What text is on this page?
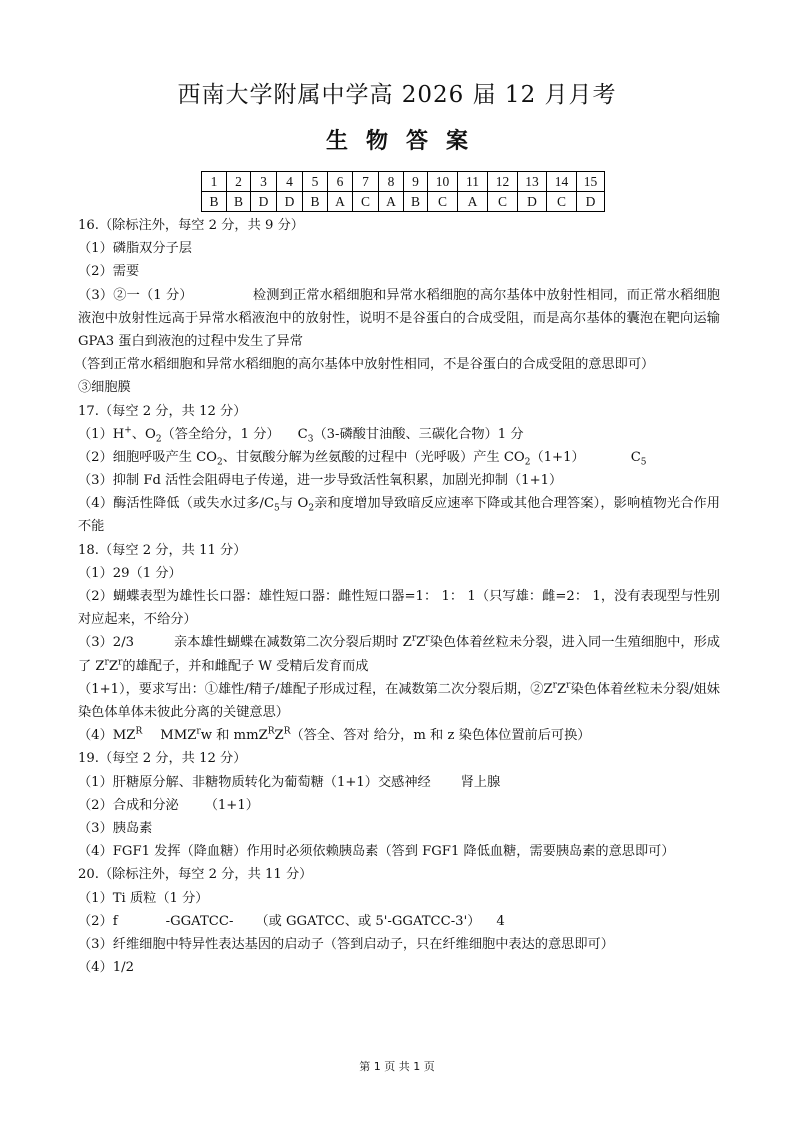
西南大学附属中学高 2026 届 12 月月考
生物答案
1	2	3	4	5	6	7	8	9	10	11	12	13	14	15
B	B	D	D	B	A	C	A	B	C	A	C	D	C	D
16.（除标注外，每空 2 分，共 9 分）
（1）磷脂双分子层
（2）需要
（3）②一（1 分）	检测到正常水稻细胞和异常水稻细胞的高尔基体中放射性相同，而正常水稻细胞液泡中放射性远高于异常水稻液泡中的放射性，说明不是谷蛋白的合成受阻，而是高尔基体的囊泡在靶向运输 GPA3 蛋白到液泡的过程中发生了异常
（答到正常水稻细胞和异常水稻细胞的高尔基体中放射性相同，不是谷蛋白的合成受阻的意思即可）
③细胞膜
17.（每空 2 分，共 12 分）
（1）H+、$O_2$（答全给分，1 分） $C_3(3-$磷酸甘油酸、三碳化合物）1 分
（2）细胞呼吸产生 $CO_2$、甘氨酸分解为丝氨酸的过程中（光呼吸）产生 $CO_2(1+1)$	$C_5$
（3）抑制 Fd 活性会阻碍电子传递，进一步导致活性氧积累，加剧光抑制（1+1）
（4）酶活性降低（或失水过多$/C_5$与 $O_2$亲和度增加导致暗反应速率下降或其他合理答案），影响植物光合作用不能
18.（每空 2 分，共 11 分）
（1）29（1 分）
（2）蝴蝶表型为雄性长口器：雄性短口器：雌性短口器=1： 1： 1（只写雄：雌=2： 1，没有表现型与性别对应起来，不给分）
（3）2/3	亲本雄性蝴蝶在减数第二次分裂后期时 $Z^rZ^r$染色体着丝粒未分裂，进入同一生殖细胞中，形成了 $Z^rZ^r$的雄配子，并和雌配子 W 受精后发育而成
（1+1），要求写出：①雄性/精子/雄配子形成过程，在减数第二次分裂后期，$②Z^rZ^r$染色体着丝粒未分裂/姐妹染色体单体未彼此分离的关键意思）
$(4)MZ^R$ MMZ$^r$w 和 $mmZ^RZ^R$（答全、答对 给分，m 和 z 染色体位置前后可换）
19.（每空 2 分，共 12 分）
（1）肝糖原分解、非糖物质转化为葡萄糖（1+1）交感神经 肾上腺
（2）合成和分泌 （1+1）
（3）胰岛素
（4）FGF1 发挥（降血糖）作用时必须依赖胰岛素（答到 FGF1 降低血糖，需要胰岛素的意思即可）
20.（除标注外，每空 2 分，共 11 分）
（1）Ti 质粒（1 分）
（2）f	-GGATCC- （或 GGATCC、或 5'-GGATCC-3'） 4
（3）纤维细胞中特异性表达基因的启动子（答到启动子，只在纤维细胞中表达的意思即可）
（4）1/2
第 1 页 共 1 页
